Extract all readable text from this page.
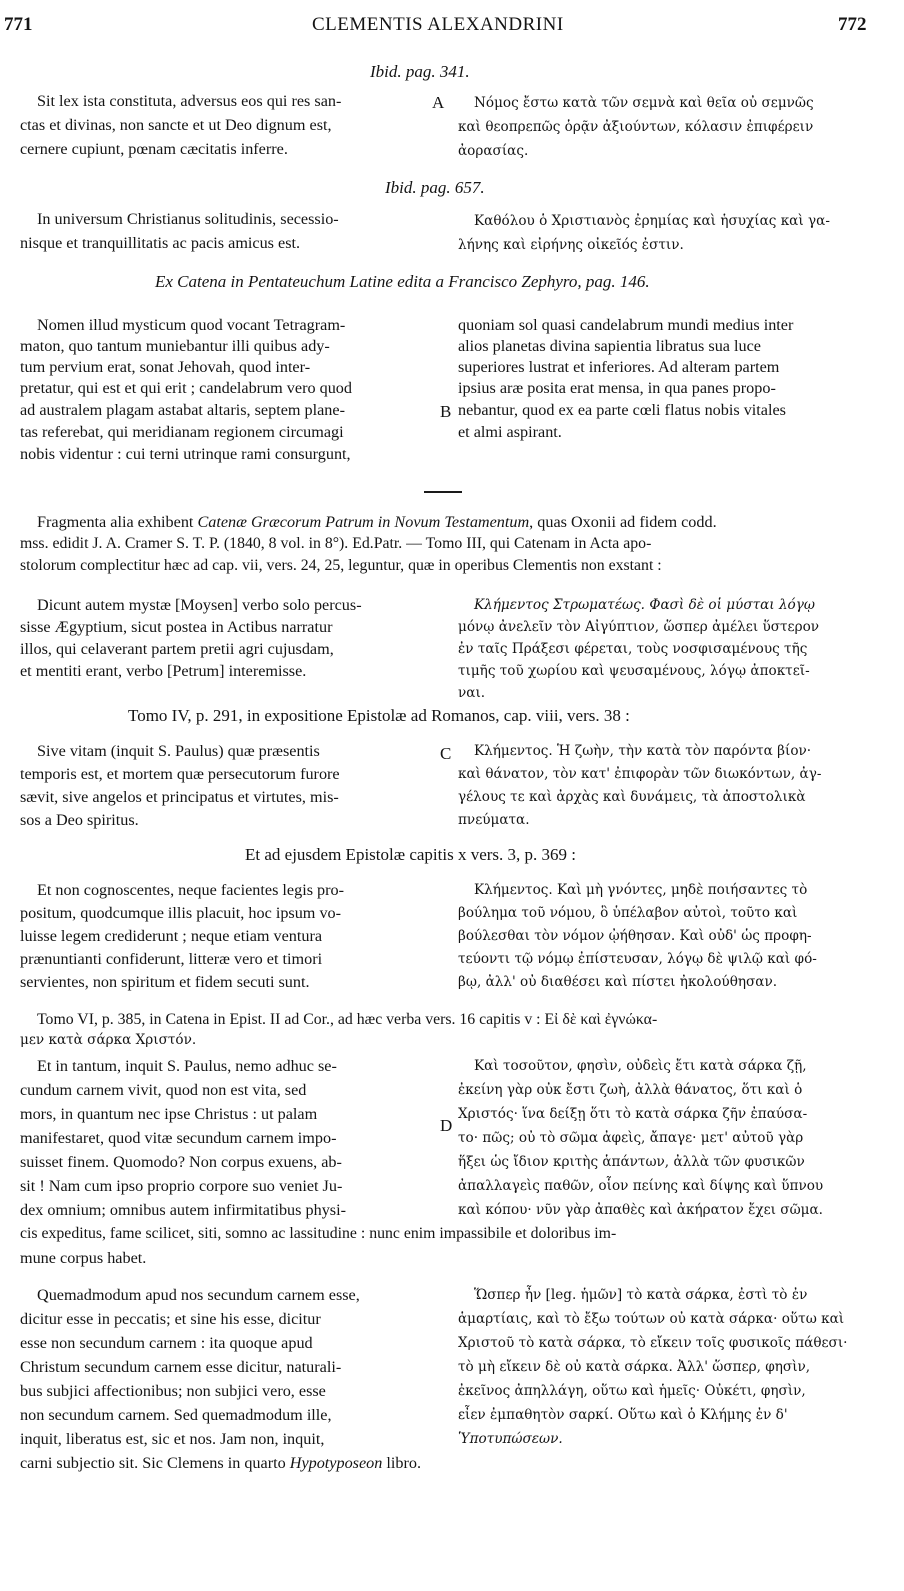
771	CLEMENTIS ALEXANDRINI	772
Ibid. pag. 341.
A
Sit lex ista constituta, adversus eos qui res san-
ctas et divinas, non sancte et ut Deo dignum est,
cernere cupiunt, pœnam cæcitatis inferre.
Νόμος ἔστω κατὰ τῶν σεμνὰ καὶ θεῖα οὐ σεμνῶς
καὶ θεοπρεπῶς ὁρᾷν ἀξιούντων, κόλασιν ἐπιφέρειν
ἀορασίας.
Ibid. pag. 657.
In universum Christianus solitudinis, secessio-
nisque et tranquillitatis ac pacis amicus est.
Καθόλου ὁ Χριστιανὸς ἐρημίας καὶ ἡσυχίας καὶ γα-
λήνης καὶ εἰρήνης οἰκεῖός ἐστιν.
Ex Catena in Pentateuchum Latine edita a Francisco Zephyro, pag. 146.
B
Nomen illud mysticum quod vocant Tetragram-
maton, quo tantum muniebantur illi quibus ady-
tum pervium erat, sonat Jehovah, quod inter-
pretatur, qui est et qui erit ; candelabrum vero quod
ad australem plagam astabat altaris, septem plane-
tas referebat, qui meridianam regionem circumagi
nobis videntur : cui terni utrinque rami consurgunt,
quoniam sol quasi candelabrum mundi medius inter
alios planetas divina sapientia libratus sua luce
superiores lustrat et inferiores. Ad alteram partem
ipsius aræ posita erat mensa, in qua panes propo-
nebantur, quod ex ea parte cœli flatus nobis vitales
et almi aspirant.
Fragmenta alia exhibent Catenæ Græcorum Patrum in Novum Testamentum, quas Oxonii ad fidem codd.
mss. edidit J. A. Cramer S. T. P. (1840, 8 vol. in 8°). Ed.Patr. — Tomo III, qui Catenam in Acta apo-
stolorum complectitur hæc ad cap. vii, vers. 24, 25, leguntur, quæ in operibus Clementis non exstant :
Dicunt autem mystæ [Moysen] verbo solo percus-
sisse Ægyptium, sicut postea in Actibus narratur
illos, qui celaverant partem pretii agri cujusdam,
et mentiti erant, verbo [Petrum] interemisse.
Κλήμεντος Στρωματέως. Φασὶ δὲ οἱ μύσται λόγῳ
μόνῳ ἀνελεῖν τὸν Αἰγύπτιον, ὥσπερ ἀμέλει ὕστερον
ἐν ταῖς Πράξεσι φέρεται, τοὺς νοσφισαμένους τῆς
τιμῆς τοῦ χωρίου καὶ ψευσαμένους, λόγῳ ἀποκτεῖ-
ναι.
Tomo IV, p. 291, in expositione Epistolæ ad Romanos, cap. viii, vers. 38 :
C
Sive vitam (inquit S. Paulus) quæ præsentis
temporis est, et mortem quæ persecutorum furore
sævit, sive angelos et principatus et virtutes, mis-
sos a Deo spiritus.
Κλήμεντος. Ἡ ζωὴν, τὴν κατὰ τὸν παρόντα βίον·
καὶ θάνατον, τὸν κατ' ἐπιφορὰν τῶν διωκόντων, ἀγ-
γέλους τε καὶ ἀρχὰς καὶ δυνάμεις, τὰ ἀποστολικὰ
πνεύματα.
Et ad ejusdem Epistolæ capitis x vers. 3, p. 369 :
Et non cognoscentes, neque facientes legis pro-
positum, quodcumque illis placuit, hoc ipsum vo-
luisse legem crediderunt ; neque etiam ventura
prænuntianti confiderunt, litteræ vero et timori
servientes, non spiritum et fidem secuti sunt.
Κλήμεντος. Καὶ μὴ γνόντες, μηδὲ ποιήσαντες τὸ
βούλημα τοῦ νόμου, ὃ ὑπέλαβον αὐτοὶ, τοῦτο καὶ
βούλεσθαι τὸν νόμον ᾠήθησαν. Καὶ οὐδ' ὡς προφη-
τεύοντι τῷ νόμῳ ἐπίστευσαν, λόγῳ δὲ ψιλῷ καὶ φό-
βῳ, ἀλλ' οὐ διαθέσει καὶ πίστει ἠκολούθησαν.
Tomo VI, p. 385, in Catena in Epist. II ad Cor., ad hæc verba vers. 16 capitis v : Εἰ δὲ καὶ ἐγνώκα-
μεν κατὰ σάρκα Χριστόν.
D
Et in tantum, inquit S. Paulus, nemo adhuc se-
cundum carnem vivit, quod non est vita, sed
mors, in quantum nec ipse Christus : ut palam
manifestaret, quod vitæ secundum carnem impo-
suisset finem. Quomodo? Non corpus exuens, ab-
sit ! Nam cum ipso proprio corpore suo veniet Ju-
dex omnium; omnibus autem infirmitatibus physi-
Καὶ τοσοῦτον, φησὶν, οὐδεὶς ἔτι κατὰ σάρκα ζῇ,
ἐκείνη γὰρ οὐκ ἔστι ζωὴ, ἀλλὰ θάνατος, ὅτι καὶ ὁ
Χριστός· ἵνα δείξῃ ὅτι τὸ κατὰ σάρκα ζῆν ἐπαύσα-
το· πῶς; οὐ τὸ σῶμα ἀφεὶς, ἄπαγε· μετ' αὐτοῦ γὰρ
ἥξει ὡς ἴδιον κριτὴς ἁπάντων, ἀλλὰ τῶν φυσικῶν
ἀπαλλαγεὶς παθῶν, οἷον πείνης καὶ δίψης καὶ ὕπνου
καὶ κόπου· νῦν γὰρ ἀπαθὲς καὶ ἀκήρατον ἔχει σῶμα.
cis expeditus, fame scilicet, siti, somno ac lassitudine : nunc enim impassibile et doloribus im-
mune corpus habet.
Quemadmodum apud nos secundum carnem esse,
dicitur esse in peccatis; et sine his esse, dicitur
esse non secundum carnem : ita quoque apud
Christum secundum carnem esse dicitur, naturali-
bus subjici affectionibus; non subjici vero, esse
non secundum carnem. Sed quemadmodum ille,
inquit, liberatus est, sic et nos. Jam non, inquit,
Ὥσπερ ἦν [leg. ἡμῶν] τὸ κατὰ σάρκα, ἐστὶ τὸ ἐν
ἁμαρτίαις, καὶ τὸ ἔξω τούτων οὐ κατὰ σάρκα· οὕτω καὶ
Χριστοῦ τὸ κατὰ σάρκα, τὸ εἴκειν τοῖς φυσικοῖς πάθεσι·
τὸ μὴ εἴκειν δὲ οὐ κατὰ σάρκα. Ἀλλ' ὥσπερ, φησὶν,
ἐκεῖνος ἀπηλλάγη, οὕτω καὶ ἡμεῖς· Οὐκέτι, φησὶν,
εἶεν ἐμπαθητὸν σαρκί. Οὕτω καὶ ὁ Κλήμης ἐν δ'
Ὑποτυπώσεων.
carni subjectio sit. Sic Clemens in quarto Hypotyposeon libro.
